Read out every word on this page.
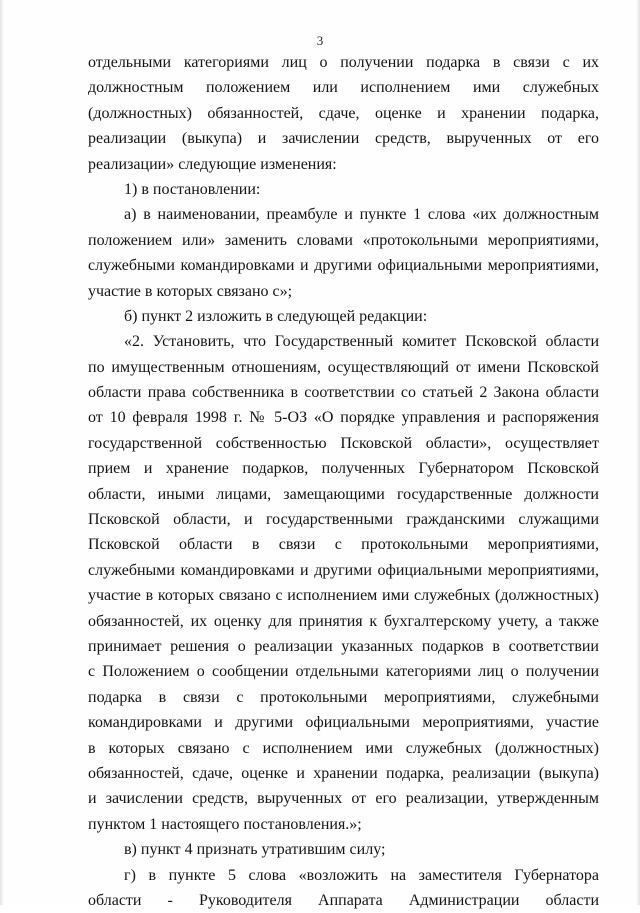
3
отдельными категориями лиц о получении подарка в связи с их
должностным положением или исполнением ими служебных
(должностных) обязанностей, сдаче, оценке и хранении подарка,
реализации (выкупа) и зачислении средств, вырученных от его
реализации» следующие изменения:
1) в постановлении:
а) в наименовании, преамбуле и пункте 1 слова «их должностным
положением или» заменить словами «протокольными мероприятиями,
служебными командировками и другими официальными мероприятиями,
участие в которых связано с»;
б) пункт 2 изложить в следующей редакции:
«2. Установить, что Государственный комитет Псковской области
по имущественным отношениям, осуществляющий от имени Псковской
области права собственника в соответствии со статьей 2 Закона области
от 10 февраля 1998 г. № 5-ОЗ «О порядке управления и распоряжения
государственной собственностью Псковской области», осуществляет
прием и хранение подарков, полученных Губернатором Псковской
области, иными лицами, замещающими государственные должности
Псковской области, и государственными гражданскими служащими
Псковской области в связи с протокольными мероприятиями,
служебными командировками и другими официальными мероприятиями,
участие в которых связано с исполнением ими служебных (должностных)
обязанностей, их оценку для принятия к бухгалтерскому учету, а также
принимает решения о реализации указанных подарков в соответствии
с Положением о сообщении отдельными категориями лиц о получении
подарка в связи с протокольными мероприятиями, служебными
командировками и другими официальными мероприятиями, участие
в которых связано с исполнением ими служебных (должностных)
обязанностей, сдаче, оценке и хранении подарка, реализации (выкупа)
и зачислении средств, вырученных от его реализации, утвержденным
пунктом 1 настоящего постановления.»;
в) пункт 4 признать утратившим силу;
г) в пункте 5 слова «возложить на заместителя Губернатора
области - Руководителя Аппарата Администрации области
